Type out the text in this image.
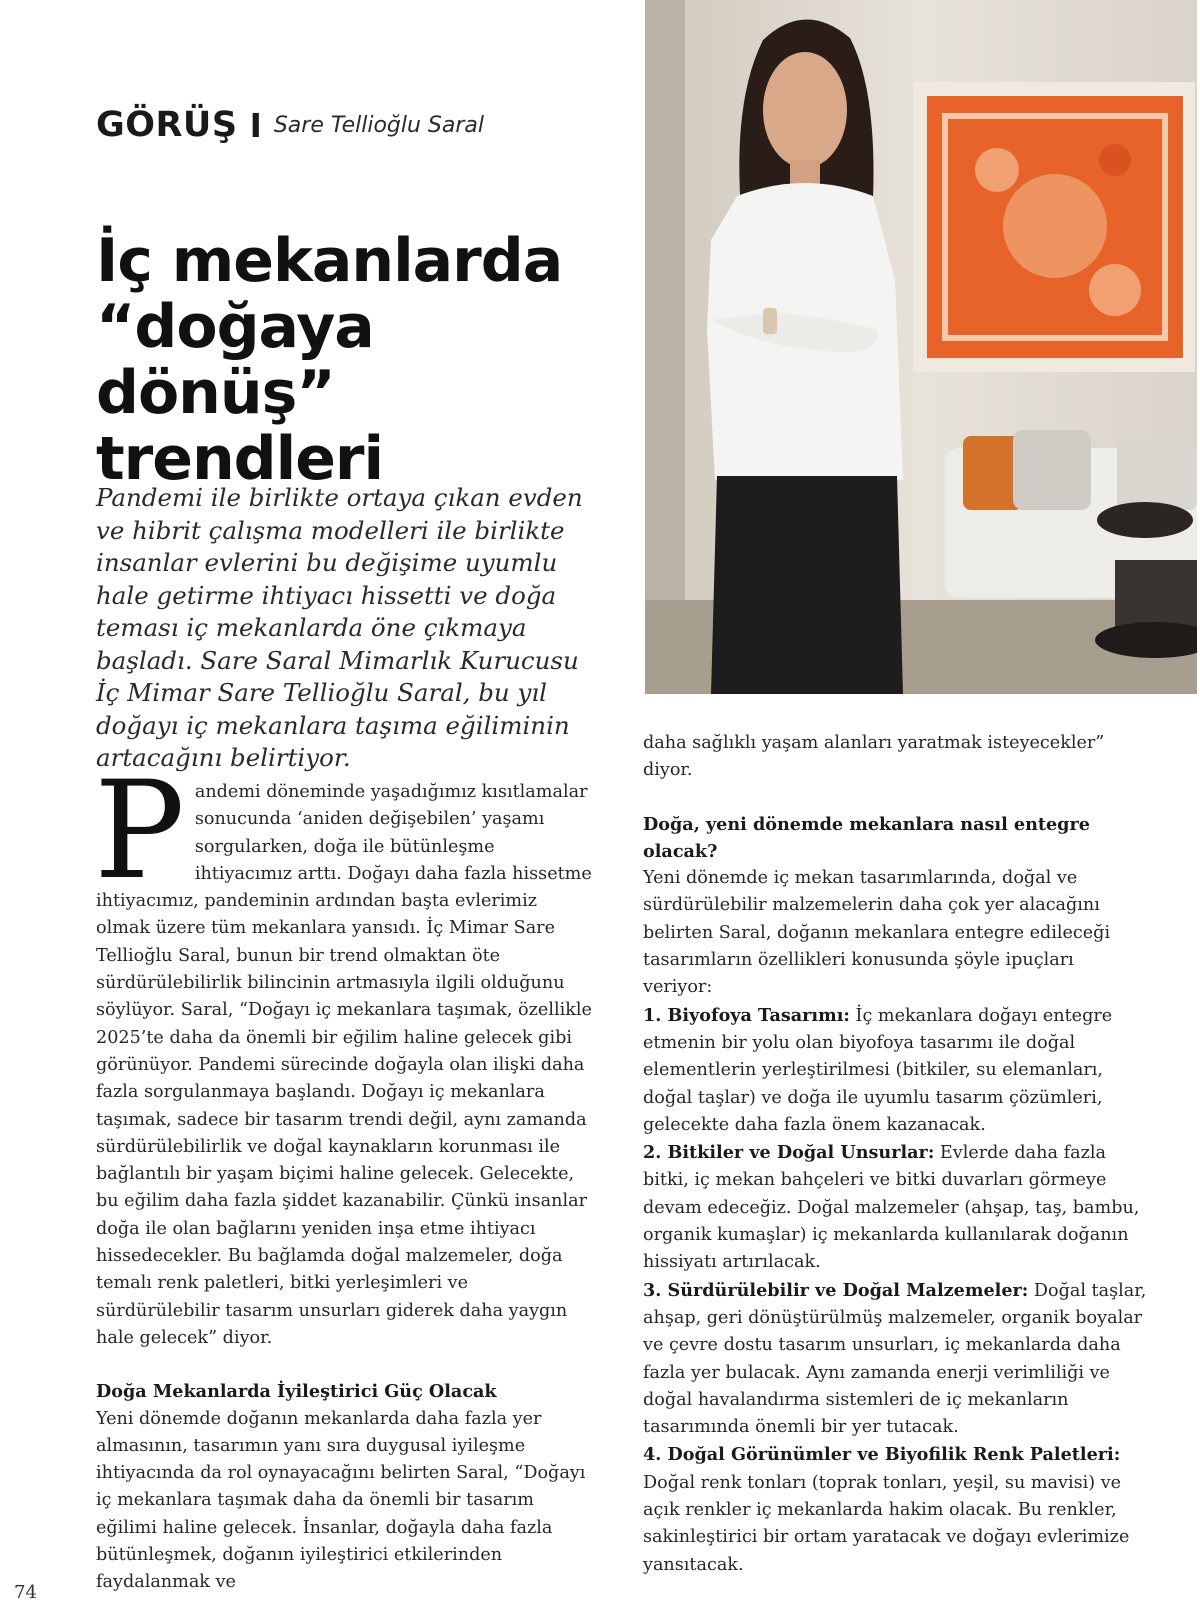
GÖRÜŞ I Sare Tellioğlu Saral
İç mekanlarda
“doğaya dönüş”
trendleri

Pandemi ile birlikte ortaya çıkan evden ve hibrit çalışma modelleri ile birlikte insanlar evlerini bu değişime uyumlu hale getirme ihtiyacı hissetti ve doğa teması iç mekanlarda öne çıkmaya başladı. Sare Saral Mimarlık Kurucusu İç Mimar Sare Tellioğlu Saral, bu yıl doğayı iç mekanlara taşıma eğiliminin artacağını belirtiyor.

Pandemi döneminde yaşadığımız kısıtlamalar sonucunda ‘aniden değişebilen’ yaşamı sorgularken, doğa ile bütünleşme ihtiyacımız arttı. Doğayı daha fazla hissetme ihtiyacımız, pandeminin ardından başta evlerimiz olmak üzere tüm mekanlara yansıdı. İç Mimar Sare Tellioğlu Saral, bunun bir trend olmaktan öte sürdürülebilirlik bilincinin artmasıyla ilgili olduğunu söylüyor. Saral, “Doğayı iç mekanlara taşımak, özellikle 2025’te daha da önemli bir eğilim haline gelecek gibi görünüyor. Pandemi sürecinde doğayla olan ilişki daha fazla sorgulanmaya başlandı. Doğayı iç mekanlara taşımak, sadece bir tasarım trendi değil, aynı zamanda sürdürülebilirlik ve doğal kaynakların korunması ile bağlantılı bir yaşam biçimi haline gelecek. Gelecekte, bu eğilim daha fazla şiddet kazanabilir. Çünkü insanlar doğa ile olan bağlarını yeniden inşa etme ihtiyacı hissedecekler. Bu bağlamda doğal malzemeler, doğa temalı renk paletleri, bitki yerleşimleri ve sürdürülebilir tasarım unsurları giderek daha yaygın hale gelecek” diyor.

Doğa Mekanlarda İyileştirici Güç Olacak

Yeni dönemde doğanın mekanlarda daha fazla yer almasının, tasarımın yanı sıra duygusal iyileşme ihtiyacında da rol oynayacağını belirten Saral, “Doğayı iç mekanlara taşımak daha da önemli bir tasarım eğilimi haline gelecek. İnsanlar, doğayla daha fazla bütünleşmek, doğanın iyileştirici etkilerinden faydalanmak ve

daha sağlıklı yaşam alanları yaratmak isteyecekler” diyor.

Doğa, yeni dönemde mekanlara nasıl entegre olacak?

Yeni dönemde iç mekan tasarımlarında, doğal ve sürdürülebilir malzemelerin daha çok yer alacağını belirten Saral, doğanın mekanlara entegre edileceği tasarımların özellikleri konusunda şöyle ipuçları veriyor:

1. Biyofoya Tasarımı: İç mekanlara doğayı entegre etmenin bir yolu olan biyofoya tasarımı ile doğal elementlerin yerleştirilmesi (bitkiler, su elemanları, doğal taşlar) ve doğa ile uyumlu tasarım çözümleri, gelecekte daha fazla önem kazanacak.

2. Bitkiler ve Doğal Unsurlar: Evlerde daha fazla bitki, iç mekan bahçeleri ve bitki duvarları görmeye devam edeceğiz. Doğal malzemeler (ahşap, taş, bambu, organik kumaşlar) iç mekanlarda kullanılarak doğanın hissiyatı artırılacak.

3. Sürdürülebilir ve Doğal Malzemeler: Doğal taşlar, ahşap, geri dönüştürülmüş malzemeler, organik boyalar ve çevre dostu tasarım unsurları, iç mekanlarda daha fazla yer bulacak. Aynı zamanda enerji verimliliği ve doğal havalandırma sistemleri de iç mekanların tasarımında önemli bir yer tutacak.

4. Doğal Görünümler ve Biyofilik Renk Paletleri: Doğal renk tonları (toprak tonları, yeşil, su mavisi) ve açık renkler iç mekanlarda hakim olacak. Bu renkler, sakinleştirici bir ortam yaratacak ve doğayı evlerimize yansıtacak.

74
